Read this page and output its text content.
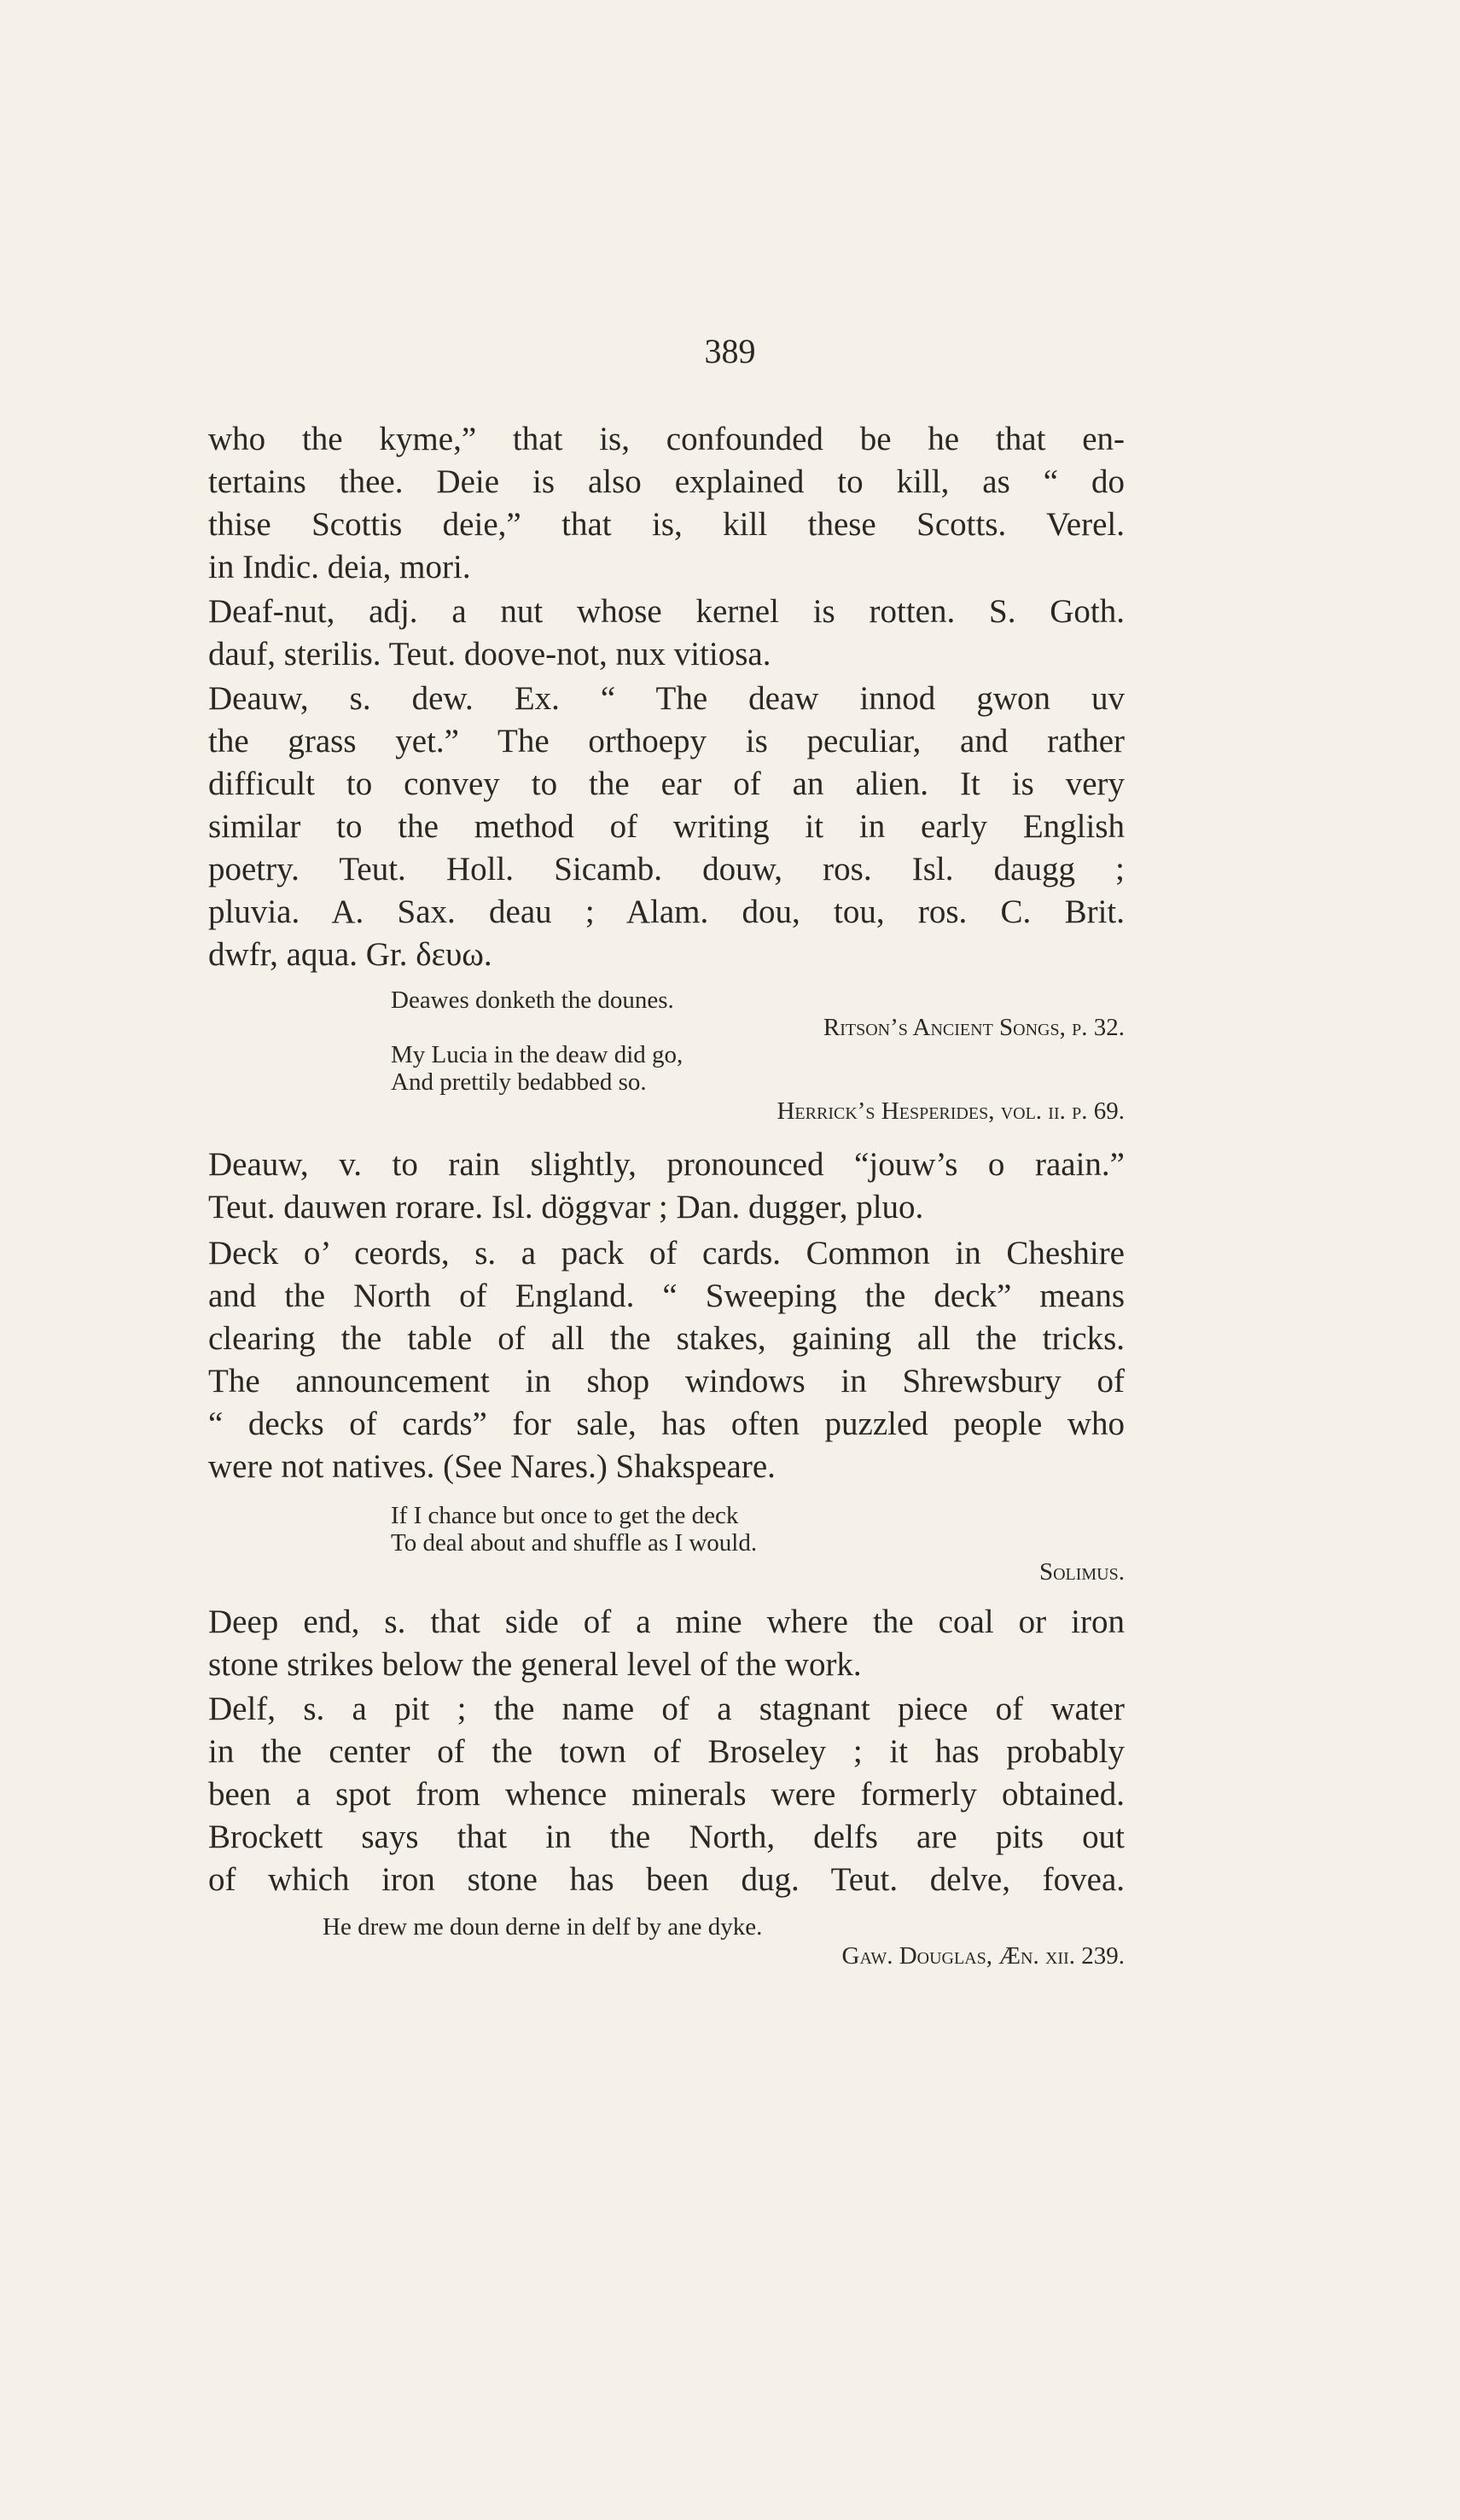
389
who the kyme,” that is, confounded be he that en-
tertains thee. Deie is also explained to kill, as “ do
thise Scottis deie,” that is, kill these Scotts. Verel.
in Indic. deia, mori.
Deaf-nut, adj. a nut whose kernel is rotten. S. Goth.
dauf, sterilis. Teut. doove-not, nux vitiosa.
Deauw, s. dew. Ex. “ The deaw innod gwon uv
the grass yet.” The orthoepy is peculiar, and rather
difficult to convey to the ear of an alien. It is very
similar to the method of writing it in early English
poetry. Teut. Holl. Sicamb. douw, ros. Isl. daugg ;
pluvia. A. Sax. deau ; Alam. dou, tou, ros. C. Brit.
dwfr, aqua. Gr. δευω.
Deawes donketh the dounes.
Ritson’s Ancient Songs, p. 32.
My Lucia in the deaw did go,
And prettily bedabbed so.
Herrick’s Hesperides, vol. ii. p. 69.
Deauw, v. to rain slightly, pronounced “jouw’s o raain.”
Teut. dauwen rorare. Isl. döggvar ; Dan. dugger, pluo.
Deck o’ ceords, s. a pack of cards. Common in Cheshire
and the North of England. “ Sweeping the deck” means
clearing the table of all the stakes, gaining all the tricks.
The announcement in shop windows in Shrewsbury of
“ decks of cards” for sale, has often puzzled people who
were not natives. (See Nares.) Shakspeare.
If I chance but once to get the deck
To deal about and shuffle as I would.
Solimus.
Deep end, s. that side of a mine where the coal or iron
stone strikes below the general level of the work.
Delf, s. a pit ; the name of a stagnant piece of water
in the center of the town of Broseley ; it has probably
been a spot from whence minerals were formerly obtained.
Brockett says that in the North, delfs are pits out
of which iron stone has been dug. Teut. delve, fovea.
He drew me doun derne in delf by ane dyke.
Gaw. Douglas, Æn. xii. 239.
